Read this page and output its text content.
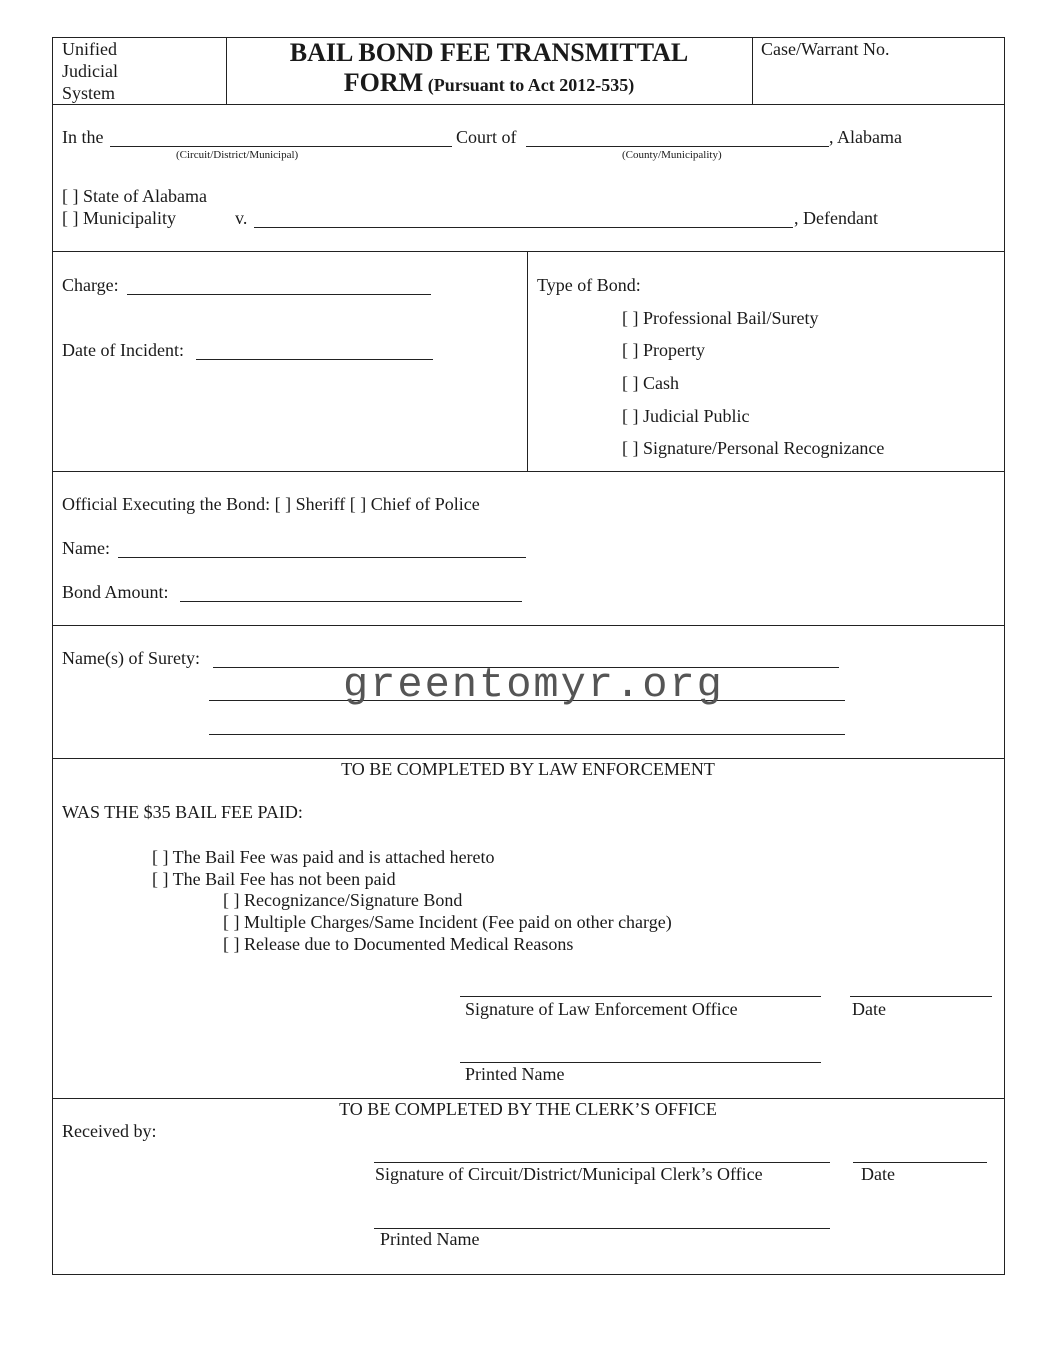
Unified
Judicial
System
BAIL BOND FEE TRANSMITTAL
FORM (Pursuant to Act 2012-535)
Case/Warrant No.
In the
(Circuit/District/Municipal)
Court of
(County/Municipality)
, Alabama
[ ] State of Alabama
[ ] Municipality	v.	, Defendant
Charge:
Date of Incident:
Type of Bond:
[ ] Professional Bail/Surety
[ ] Property
[ ] Cash
[ ] Judicial Public
[ ] Signature/Personal Recognizance
Official Executing the Bond: [ ] Sheriff [ ] Chief of Police
Name:
Bond Amount:
Name(s) of Surety:
greentomyr.org
TO BE COMPLETED BY LAW ENFORCEMENT
WAS THE $35 BAIL FEE PAID:
[ ] The Bail Fee was paid and is attached hereto
[ ] The Bail Fee has not been paid
[ ] Recognizance/Signature Bond
[ ] Multiple Charges/Same Incident (Fee paid on other charge)
[ ] Release due to Documented Medical Reasons
Signature of Law Enforcement Office	Date
Printed Name
TO BE COMPLETED BY THE CLERK’S OFFICE
Received by:
Signature of Circuit/District/Municipal Clerk’s Office	Date
Printed Name
